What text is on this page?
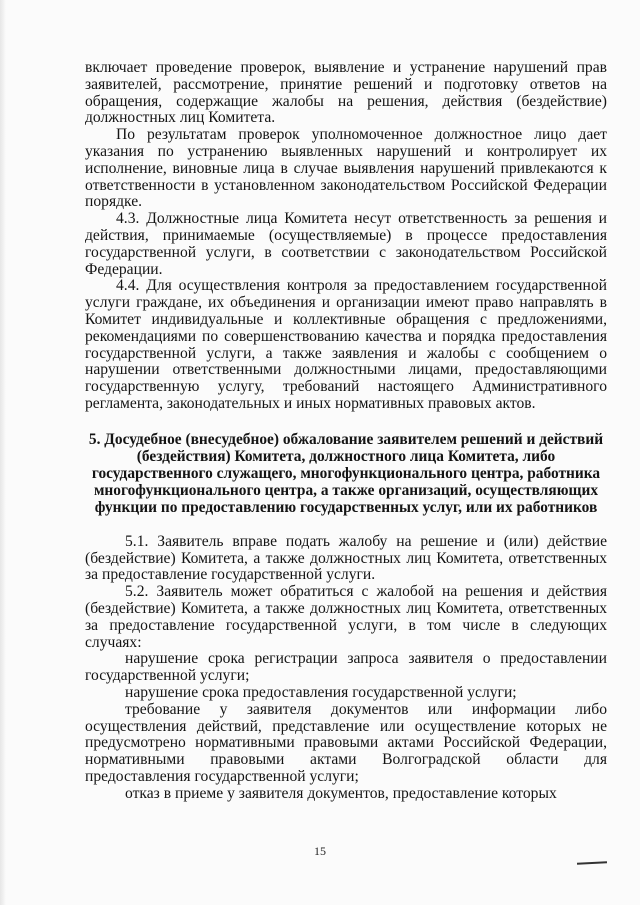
включает проведение проверок, выявление и устранение нарушений прав заявителей, рассмотрение, принятие решений и подготовку ответов на обращения, содержащие жалобы на решения, действия (бездействие) должностных лиц Комитета.

По результатам проверок уполномоченное должностное лицо дает указания по устранению выявленных нарушений и контролирует их исполнение, виновные лица в случае выявления нарушений привлекаются к ответственности в установленном законодательством Российской Федерации порядке.

4.3. Должностные лица Комитета несут ответственность за решения и действия, принимаемые (осуществляемые) в процессе предоставления государственной услуги, в соответствии с законодательством Российской Федерации.

4.4. Для осуществления контроля за предоставлением государственной услуги граждане, их объединения и организации имеют право направлять в Комитет индивидуальные и коллективные обращения с предложениями, рекомендациями по совершенствованию качества и порядка предоставления государственной услуги, а также заявления и жалобы с сообщением о нарушении ответственными должностными лицами, предоставляющими государственную услугу, требований настоящего Административного регламента, законодательных и иных нормативных правовых актов.

5. Досудебное (внесудебное) обжалование заявителем решений и действий (бездействия) Комитета, должностного лица Комитета, либо государственного служащего, многофункционального центра, работника многофункционального центра, а также организаций, осуществляющих функции по предоставлению государственных услуг, или их работников

5.1. Заявитель вправе подать жалобу на решение и (или) действие (бездействие) Комитета, а также должностных лиц Комитета, ответственных за предоставление государственной услуги.

5.2. Заявитель может обратиться с жалобой на решения и действия (бездействие) Комитета, а также должностных лиц Комитета, ответственных за предоставление государственной услуги, в том числе в следующих случаях:

нарушение срока регистрации запроса заявителя о предоставлении государственной услуги;

нарушение срока предоставления государственной услуги;

требование у заявителя документов или информации либо осуществления действий, представление или осуществление которых не предусмотрено нормативными правовыми актами Российской Федерации, нормативными правовыми актами Волгоградской области для предоставления государственной услуги;

отказ в приеме у заявителя документов, предоставление которых

15
